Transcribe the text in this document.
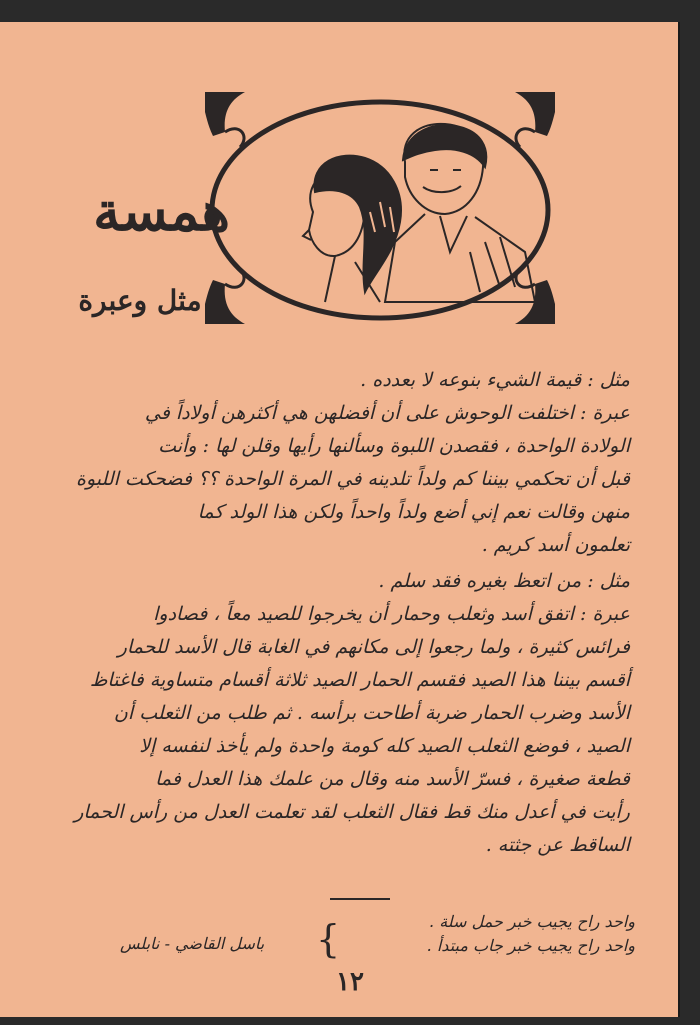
همسة
مثل وعبرة

مثل : قيمة الشيء بنوعه لا بعدده .

عبرة : اختلفت الوحوش على أن أفضلهن هي أكثرهن أولاداً في

الولادة الواحدة ، فقصدن اللبوة وسألنها رأيها وقلن لها : وأنت

قبل أن تحكمي بيننا كم ولداً تلدينه في المرة الواحدة ؟؟ فضحكت اللبوة

منهن وقالت نعم إني أضع ولداً واحداً ولكن هذا الولد كما

تعلمون أسد كريم .

مثل : من اتعظ بغيره فقد سلم .

عبرة : اتفق أسد وثعلب وحمار أن يخرجوا للصيد معاً ، فصادوا

فرائس كثيرة ، ولما رجعوا إلى مكانهم في الغابة قال الأسد للحمار

أقسم بيننا هذا الصيد فقسم الحمار الصيد ثلاثة أقسام متساوية فاغتاظ

الأسد وضرب الحمار ضربة أطاحت برأسه . ثم طلب من الثعلب أن

الصيد ، فوضع الثعلب الصيد كله كومة واحدة ولم يأخذ لنفسه إلا

قطعة صغيرة ، فسرّ الأسد منه وقال من علمك هذا العدل فما

رأيت في أعدل منك قط فقال الثعلب لقد تعلمت العدل من رأس الحمار

الساقط عن جثته .

واحد راح يجيب خبر حمل سلة .
واحد راح يجيب خبر جاب مبتدأ .
}
باسل القاضي - نابلس
١٢
